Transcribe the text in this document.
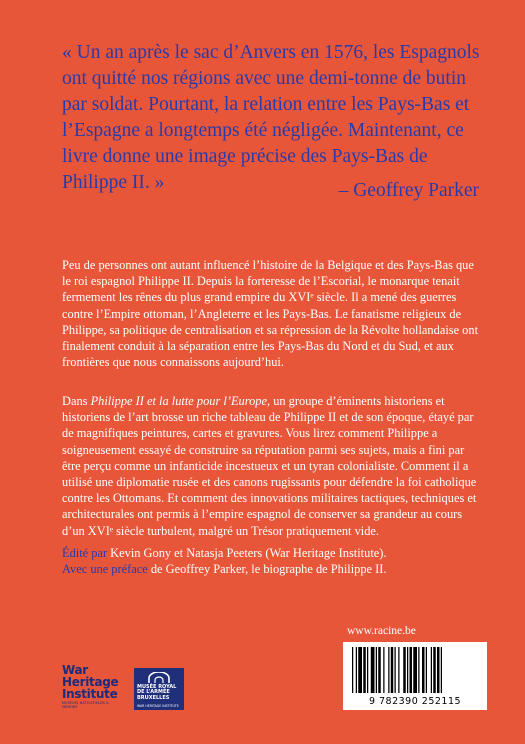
« Un an après le sac d’Anvers en 1576, les Espagnols ont quitté nos régions avec une demi-tonne de butin par soldat. Pourtant, la relation entre les Pays-Bas et l’Espagne a longtemps été négligée. Maintenant, ce livre donne une image précise des Pays-Bas de Philippe II. »	– Geoffrey Parker
Peu de personnes ont autant influencé l’histoire de la Belgique et des Pays-Bas que le roi espagnol Philippe II. Depuis la forteresse de l’Escorial, le monarque tenait fermement les rênes du plus grand empire du XVIᵉ siècle. Il a mené des guerres contre l’Empire ottoman, l’Angleterre et les Pays-Bas. Le fanatisme religieux de Philippe, sa politique de centralisation et sa répression de la Révolte hollandaise ont finalement conduit à la séparation entre les Pays-Bas du Nord et du Sud, et aux frontières que nous connaissons aujourd’hui.
Dans Philippe II et la lutte pour l’Europe, un groupe d’éminents historiens et historiens de l’art brosse un riche tableau de Philippe II et de son époque, étayé par de magnifiques peintures, cartes et gravures. Vous lirez comment Philippe a soigneusement essayé de construire sa réputation parmi ses sujets, mais a fini par être perçu comme un infanticide incestueux et un tyran colonialiste. Comment il a utilisé une diplomatie rusée et des canons rugissants pour défendre la foi catholique contre les Ottomans. Et comment des innovations militaires tactiques, techniques et architecturales ont permis à l’empire espagnol de conserver sa grandeur au cours d’un XVIᵉ siècle turbulent, malgré un Trésor pratiquement vide.
Édité par Kevin Gony et Natasja Peeters (War Heritage Institute).
Avec une préface de Geoffrey Parker, le biographe de Philippe II.
www.racine.be
9 782390 252115
War
Heritage
Institute
MUSEUM, BATTLEFIELDS & MEMORY
MUSÉE ROYAL
DE L’ARMÉE
BRUXELLES
WAR HERITAGE INSTITUTE
